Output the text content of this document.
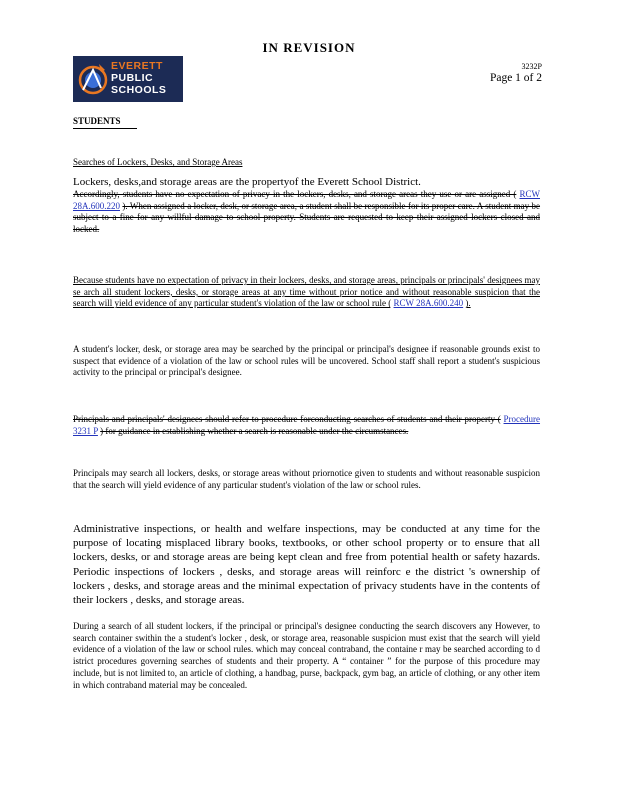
IN REVISION
EVERETT
PUBLIC
SCHOOLS
3232P
Page 1 of 2
STUDENTS
Searches of Lockers, Desks, and Storage Areas
Lockers, desks,and storage areas are the propertyof the Everett School District.
Accordingly, students have no expectation of privacy in the lockers, desks, and storage areas they use or are assigned ( RCW 28A.600.220 ). When assigned a locker, desk, or storage area, a student shall be responsible for its proper care. A student may be subject to a fine for any willful damage to school property. Students are requested to keep their assigned lockers closed and locked.
Because students have no expectation of privacy in their lockers, desks, and storage areas, principals or principals' designees may se arch all student lockers, desks, or storage areas at any time without prior notice and without reasonable suspicion that the search will yield evidence of any particular student's violation of the law or school rule ( RCW 28A.600.240 ).
A student's locker, desk, or storage area may be searched by the principal or principal's designee if reasonable grounds exist to suspect that evidence of a violation of the law or school rules will be uncovered. School staff shall report a student's suspicious activity to the principal or principal's designee.
Principals and principals' designees should refer to procedure forconducting searches of students and their property ( Procedure 3231 P ) for guidance in establishing whether a search is reasonable under the circumstances.
Principals may search all lockers, desks, or storage areas without priornotice given to students and without reasonable suspicion that the search will yield evidence of any particular student's violation of the law or school rules.
Administrative inspections, or health and welfare inspections, may be conducted at any time for the purpose of locating misplaced library books, textbooks, or other school property or to ensure that all lockers, desks, or and storage areas are being kept clean and free from potential health or safety hazards. Periodic inspections of lockers , desks, and storage areas will reinforc e the district 's ownership of lockers , desks, and storage areas and the minimal expectation of privacy students have in the contents of their lockers , desks, and storage areas.
During a search of all student lockers, if the principal or principal's designee conducting the search discovers any However, to search container swithin the a student's locker , desk, or storage area, reasonable suspicion must exist that the search will yield evidence of a violation of the law or school rules. which may conceal contraband, the containe r may be searched according to d istrict procedures governing searches of students and their property. A “ container ” for the purpose of this procedure may include, but is not limited to, an article of clothing, a handbag, purse, backpack, gym bag, an article of clothing, or any other item in which contraband material may be concealed.
